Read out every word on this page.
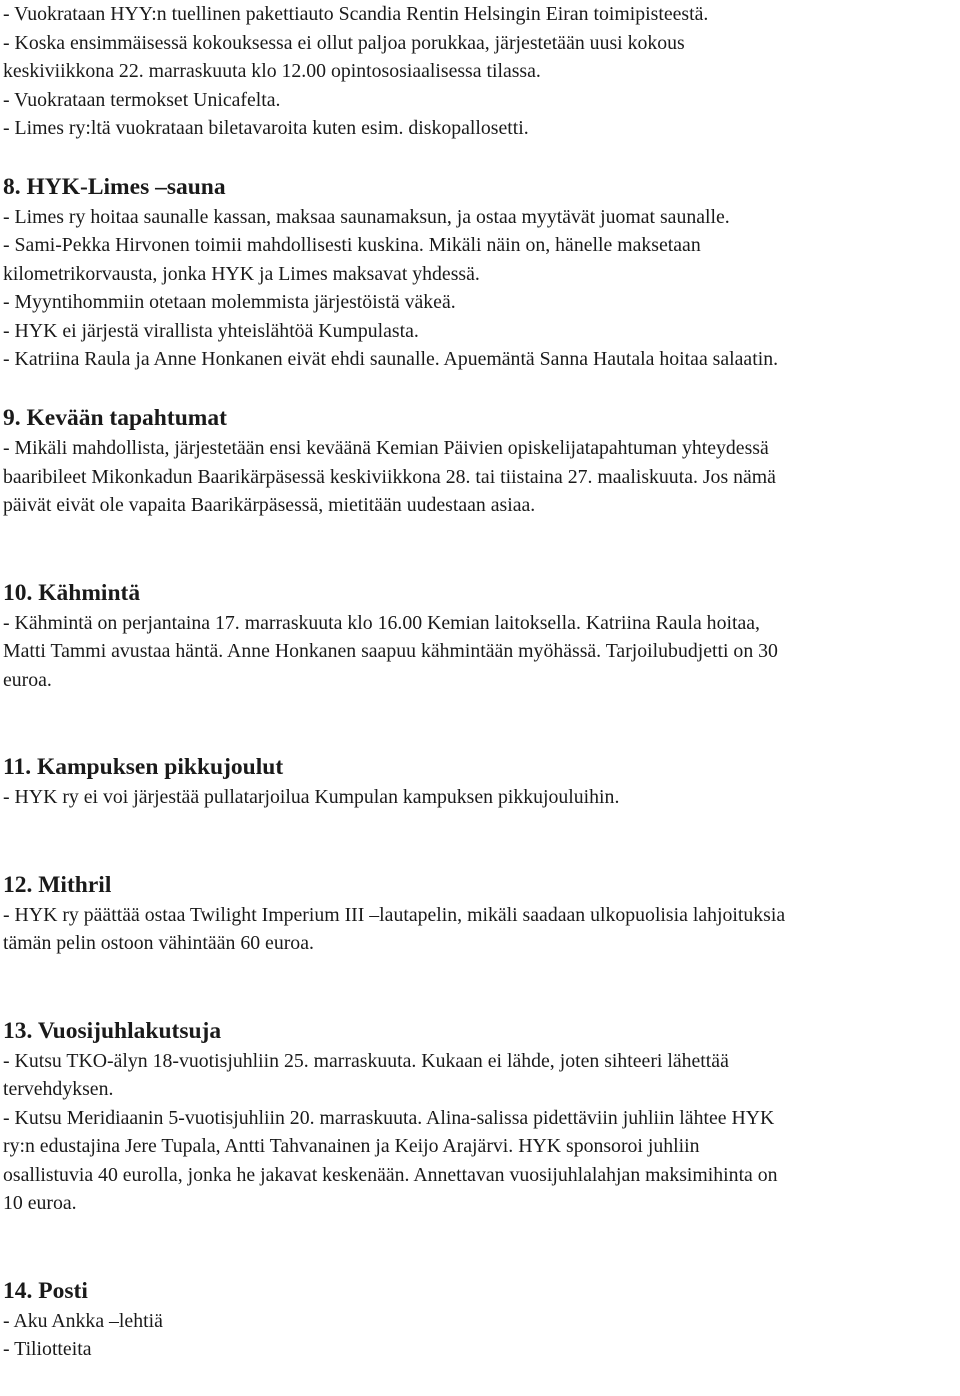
- Vuokrataan HYY:n tuellinen pakettiauto Scandia Rentin Helsingin Eiran toimipisteestä.
- Koska ensimmäisessä kokouksessa ei ollut paljoa porukkaa, järjestetään uusi kokous
keskiviikkona 22. marraskuuta klo 12.00 opintososiaalisessa tilassa.
- Vuokrataan termokset Unicafelta.
- Limes ry:ltä vuokrataan biletavaroita kuten esim. diskopallosetti.
8. HYK-Limes –sauna
- Limes ry hoitaa saunalle kassan, maksaa saunamaksun, ja ostaa myytävät juomat saunalle.
- Sami-Pekka Hirvonen toimii mahdollisesti kuskina. Mikäli näin on, hänelle maksetaan
kilometrikorvausta, jonka HYK ja Limes maksavat yhdessä.
- Myyntihommiin otetaan molemmista järjestöistä väkeä.
- HYK ei järjestä virallista yhteislähtöä Kumpulasta.
- Katriina Raula ja Anne Honkanen eivät ehdi saunalle. Apuemäntä Sanna Hautala hoitaa salaatin.
9. Kevään tapahtumat
- Mikäli mahdollista, järjestetään ensi keväänä Kemian Päivien opiskelijatapahtuman yhteydessä
baaribileet Mikonkadun Baarikärpäsessä keskiviikkona 28. tai tiistaina 27. maaliskuuta. Jos nämä
päivät eivät ole vapaita Baarikärpäsessä, mietitään uudestaan asiaa.
10. Kähmintä
- Kähmintä on perjantaina 17. marraskuuta klo 16.00 Kemian laitoksella. Katriina Raula hoitaa,
Matti Tammi avustaa häntä. Anne Honkanen saapuu kähmintään myöhässä. Tarjoilubudjetti on 30
euroa.
11. Kampuksen pikkujoulut
- HYK ry ei voi järjestää pullatarjoilua Kumpulan kampuksen pikkujouluihin.
12. Mithril
- HYK ry päättää ostaa Twilight Imperium III –lautapelin, mikäli saadaan ulkopuolisia lahjoituksia
tämän pelin ostoon vähintään 60 euroa.
13. Vuosijuhlakutsuja
- Kutsu TKO-älyn 18-vuotisjuhliin 25. marraskuuta. Kukaan ei lähde, joten sihteeri lähettää
tervehdyksen.
- Kutsu Meridiaanin 5-vuotisjuhliin 20. marraskuuta. Alina-salissa pidettäviin juhliin lähtee HYK
ry:n edustajina Jere Tupala, Antti Tahvanainen ja Keijo Arajärvi. HYK sponsoroi juhliin
osallistuvia 40 eurolla, jonka he jakavat keskenään. Annettavan vuosijuhlalahjan maksimihinta on
10 euroa.
14. Posti
- Aku Ankka –lehtiä
- Tiliotteita
